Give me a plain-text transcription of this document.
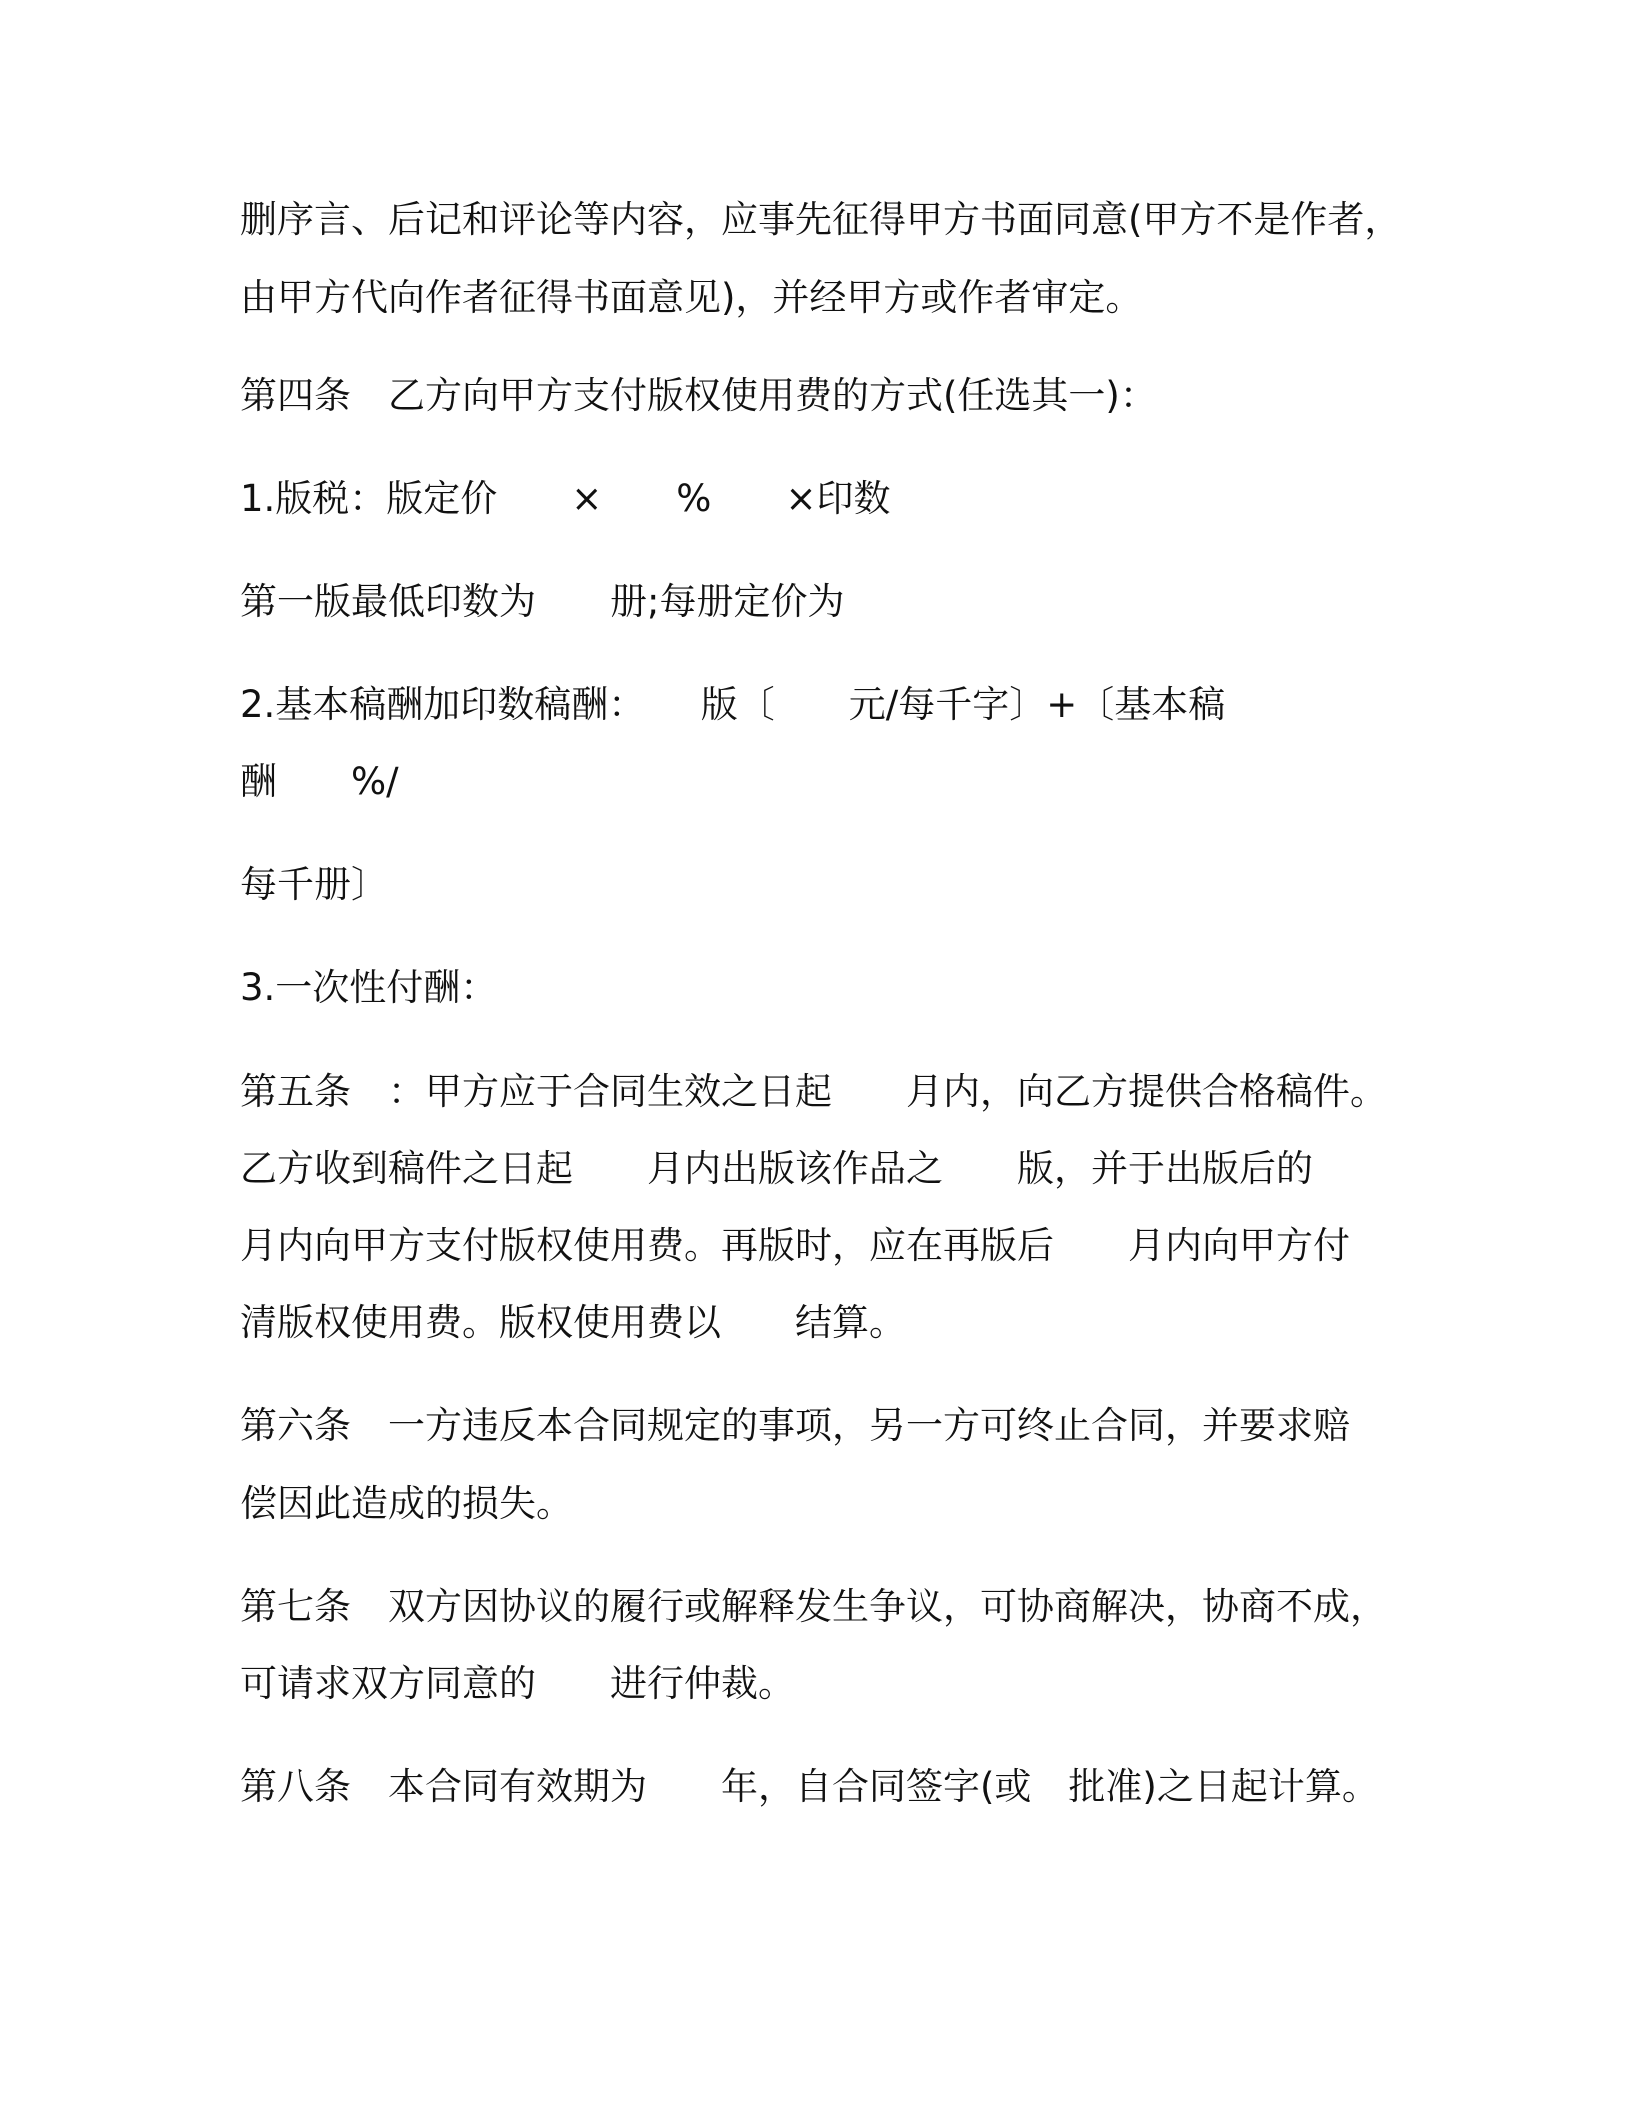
删序言、后记和评论等内容，应事先征得甲方书面同意(甲方不是作者，
由甲方代向作者征得书面意见)，并经甲方或作者审定。
第四条　乙方向甲方支付版权使用费的方式(任选其一)：
1.版税：版定价　　×　　%　　×印数
第一版最低印数为　　册;每册定价为
2.基本稿酬加印数稿酬：　　版〔　　元/每千字〕+〔基本稿
酬　　%/
每千册〕
3.一次性付酬：
第五条　：甲方应于合同生效之日起　　月内，向乙方提供合格稿件。
乙方收到稿件之日起　　月内出版该作品之　　版，并于出版后的
月内向甲方支付版权使用费。再版时，应在再版后　　月内向甲方付
清版权使用费。版权使用费以　　结算。
第六条　一方违反本合同规定的事项，另一方可终止合同，并要求赔
偿因此造成的损失。
第七条　双方因协议的履行或解释发生争议，可协商解决，协商不成，
可请求双方同意的　　进行仲裁。
第八条　本合同有效期为　　年，自合同签字(或　批准)之日起计算。
